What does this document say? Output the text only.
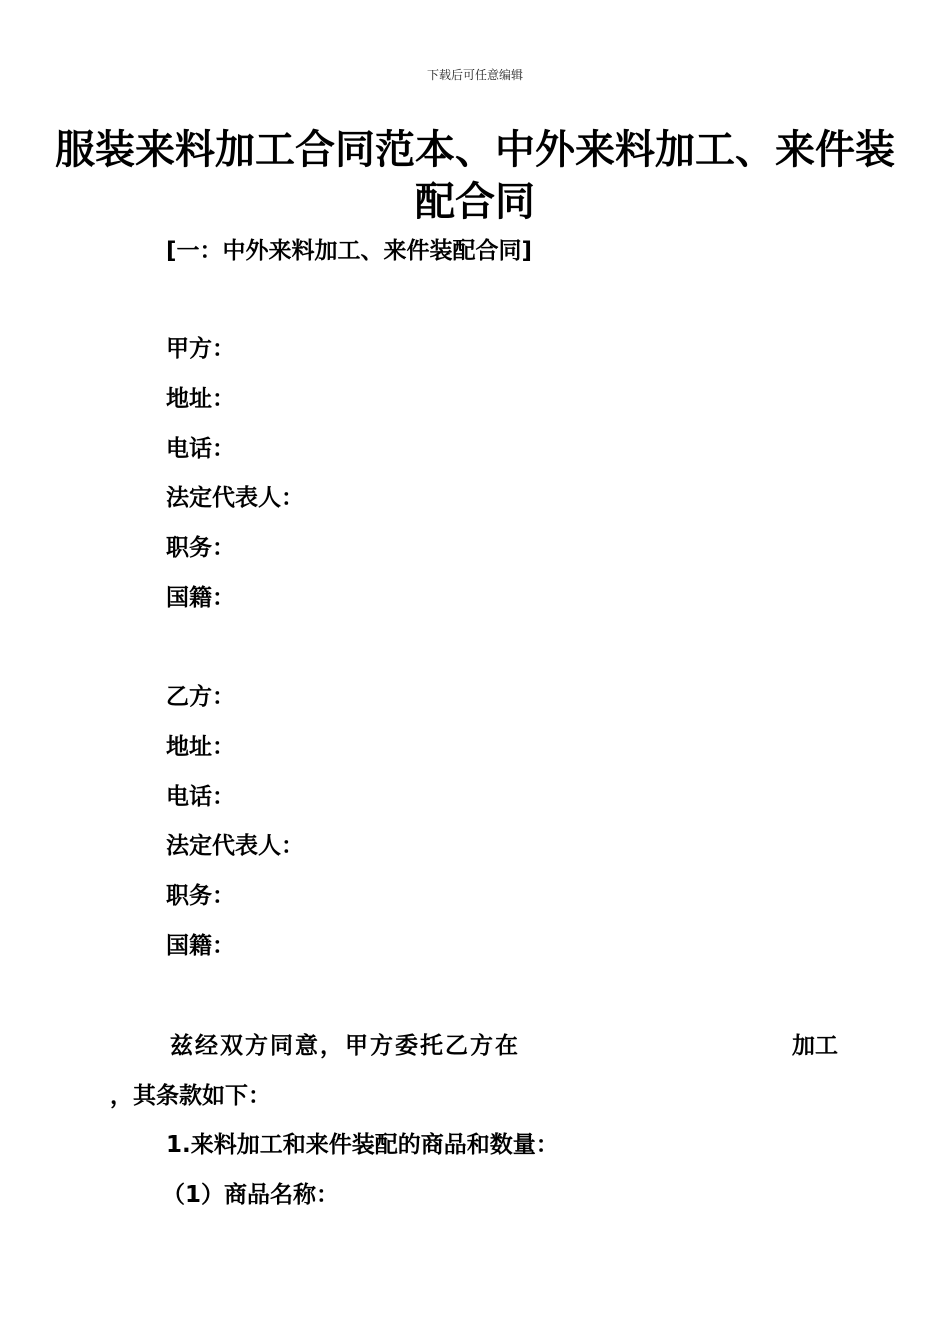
下载后可任意编辑
服装来料加工合同范本、中外来料加工、来件装配合同
[一：中外来料加工、来件装配合同]
甲方：
地址：
电话：
法定代表人：
职务：
国籍：
乙方：
地址：
电话：
法定代表人：
职务：
国籍：
兹经双方同意，甲方委托乙方在	加工
，其条款如下：
1.来料加工和来件装配的商品和数量：
（1）商品名称：
